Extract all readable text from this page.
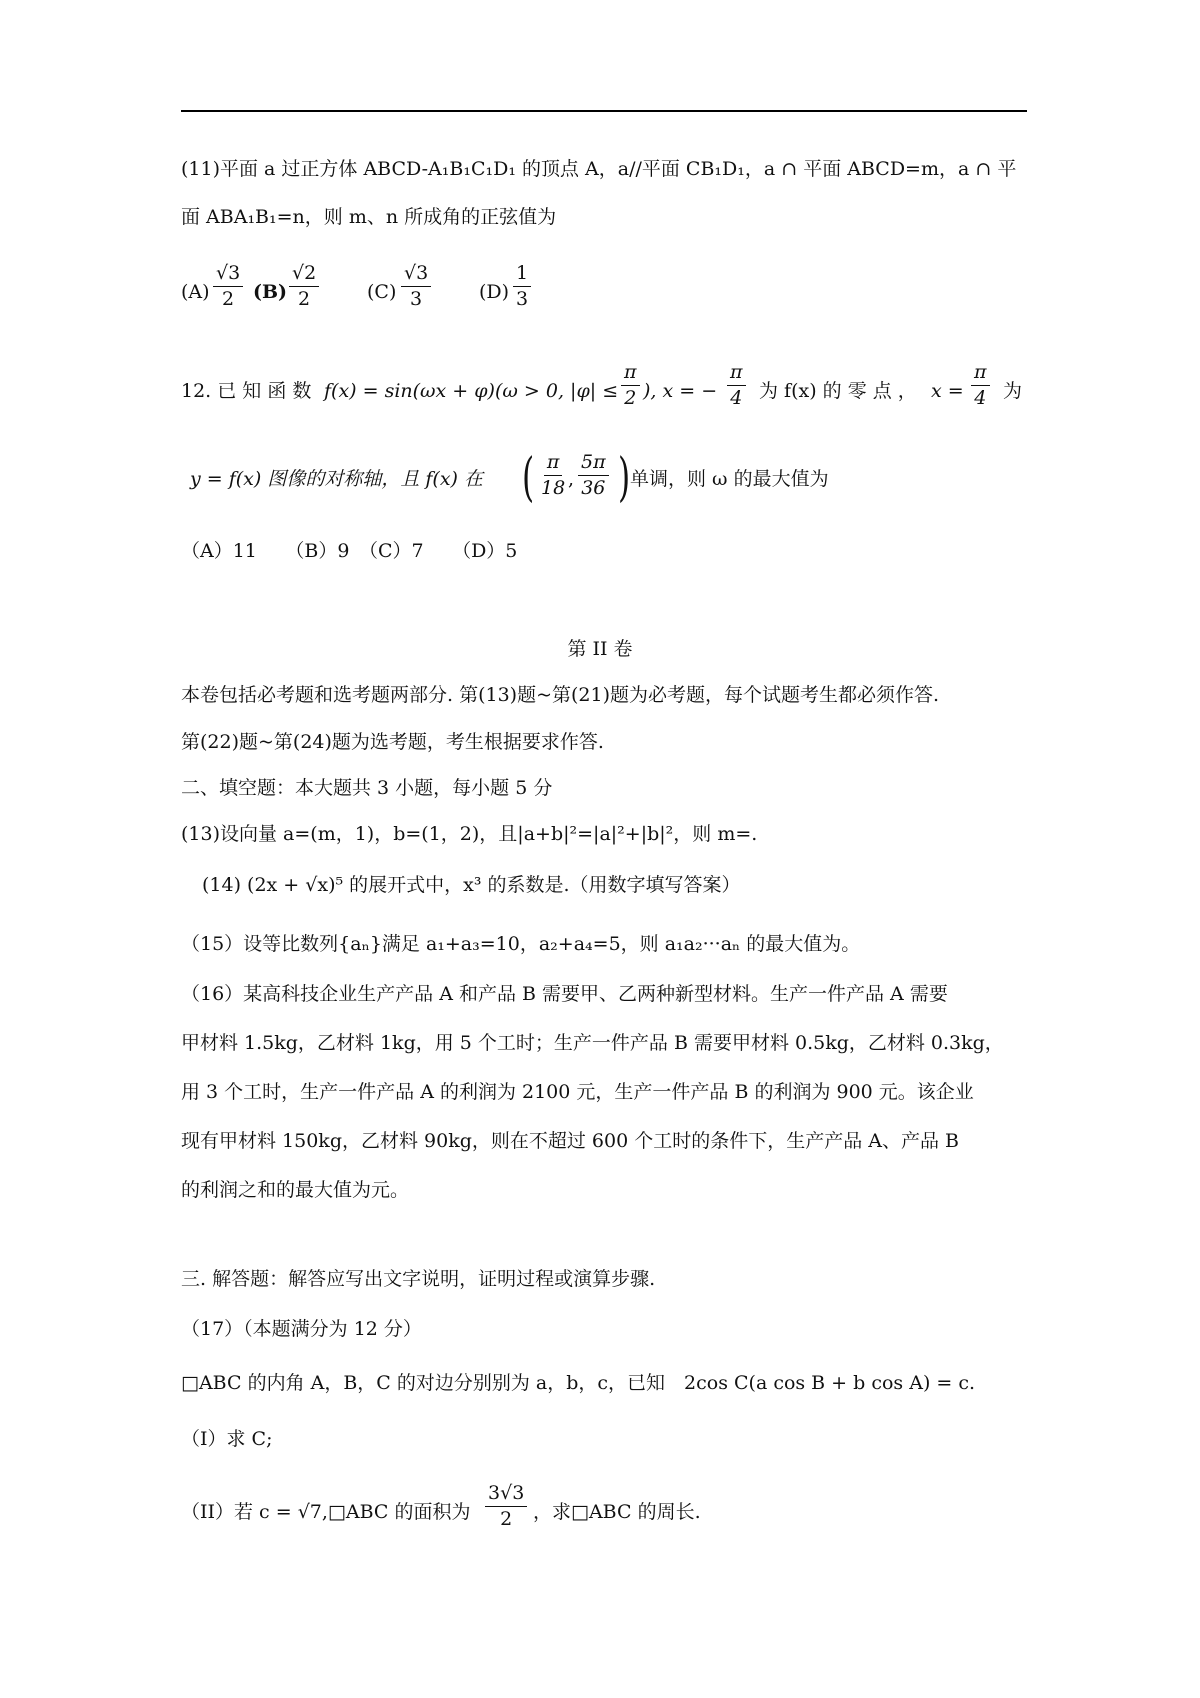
(11)平面 a 过正方体 ABCD-A₁B₁C₁D₁ 的顶点 A，a//平面 CB₁D₁，a ∩ 平面 ABCD=m，a ∩ 平
面 ABA₁B₁=n，则 m、n 所成角的正弦值为
$(A) \frac{√3}{2} (B) \frac{√2}{2}$	$(C) \frac{√3}{3}$	$(D) \frac{1}{3}$
12. 已 知 函 数 f(x) = sin(ωx + φ)(ω > 0, $|\varphi| \le \frac{\pi}{2}$ ), x = − $\frac{\pi}{4}$ 为 f(x) 的 零 点 ， $x = \frac{\pi}{4}$ 为
y = f(x) 图像的对称轴，且 f(x) 在 ( $\frac{\pi}{18}$ , $\frac{5\pi}{36}$ ) 单调，则 ω 的最大值为
（A）11　　（B）9　（C）7　　（D）5
第 II 卷
本卷包括必考题和选考题两部分. 第(13)题~第(21)题为必考题，每个试题考生都必须作答.
第(22)题~第(24)题为选考题，考生根据要求作答.
二、填空题：本大题共 3 小题，每小题 5 分
(13)设向量 a=(m，1)，b=(1，2)，且|a+b|²=|a|²+|b|²，则 m=.
(14) (2x + √x)⁵ 的展开式中，x³ 的系数是.（用数字填写答案）
（15）设等比数列{aₙ}满足 a₁+a₃=10，a₂+a₄=5，则 a₁a₂···aₙ 的最大值为。
（16）某高科技企业生产产品 A 和产品 B 需要甲、乙两种新型材料。生产一件产品 A 需要
甲材料 1.5kg，乙材料 1kg，用 5 个工时；生产一件产品 B 需要甲材料 0.5kg，乙材料 0.3kg，
用 3 个工时，生产一件产品 A 的利润为 2100 元，生产一件产品 B 的利润为 900 元。该企业
现有甲材料 150kg，乙材料 90kg，则在不超过 600 个工时的条件下，生产产品 A、产品 B
的利润之和的最大值为元。
三. 解答题：解答应写出文字说明，证明过程或演算步骤.
（17）（本题满分为 12 分）
□ABC 的内角 A，B，C 的对边分别别为 a，b，c，已知　2cos C(a cos B + b cos A) = c.
（I）求 C;
（II）若 c = √7,□ABC 的面积为 $\frac{3√3}{2}$ ，求□ABC 的周长.
